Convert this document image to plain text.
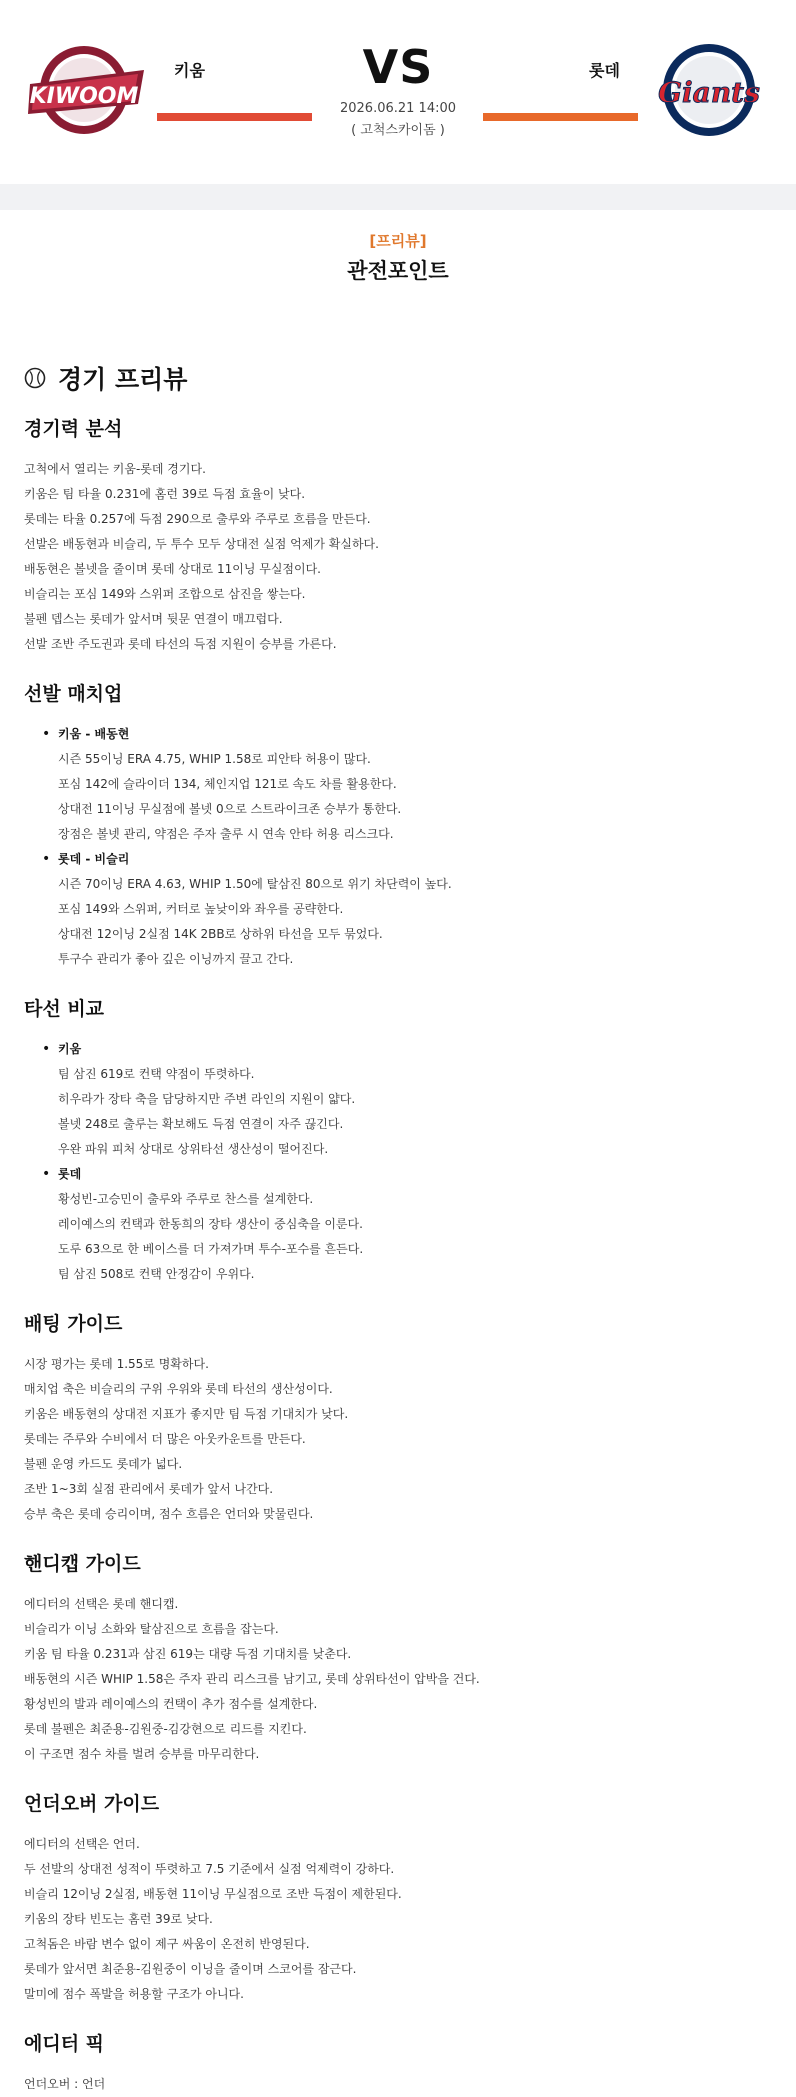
KIWOOM
키움	VS
2026.06.21 14:00
( 고척스카이돔 )
롯데
Giants
[프리뷰]
관전포인트
경기 프리뷰
경기력 분석

고척에서 열리는 키움-롯데 경기다.

키움은 팀 타율 0.231에 홈런 39로 득점 효율이 낮다.

롯데는 타율 0.257에 득점 290으로 출루와 주루로 흐름을 만든다.

선발은 배동현과 비슬리, 두 투수 모두 상대전 실점 억제가 확실하다.

배동현은 볼넷을 줄이며 롯데 상대로 11이닝 무실점이다.

비슬리는 포심 149와 스위퍼 조합으로 삼진을 쌓는다.

불펜 뎁스는 롯데가 앞서며 뒷문 연결이 매끄럽다.

선발 조반 주도권과 롯데 타선의 득점 지원이 승부를 가른다.

선발 매치업
• 키움 - 배동현

시즌 55이닝 ERA 4.75, WHIP 1.58로 피안타 허용이 많다.

포심 142에 슬라이더 134, 체인지업 121로 속도 차를 활용한다.

상대전 11이닝 무실점에 볼넷 0으로 스트라이크존 승부가 통한다.

장점은 볼넷 관리, 약점은 주자 출루 시 연속 안타 허용 리스크다.

• 롯데 - 비슬리

시즌 70이닝 ERA 4.63, WHIP 1.50에 탈삼진 80으로 위기 차단력이 높다.

포심 149와 스위퍼, 커터로 높낮이와 좌우를 공략한다.

상대전 12이닝 2실점 14K 2BB로 상하위 타선을 모두 묶었다.

투구수 관리가 좋아 깊은 이닝까지 끌고 간다.

타선 비교
• 키움

팀 삼진 619로 컨택 약점이 뚜렷하다.

히우라가 장타 축을 담당하지만 주변 라인의 지원이 얇다.

볼넷 248로 출루는 확보해도 득점 연결이 자주 끊긴다.

우완 파워 피처 상대로 상위타선 생산성이 떨어진다.

• 롯데

황성빈-고승민이 출루와 주루로 찬스를 설계한다.

레이예스의 컨택과 한동희의 장타 생산이 중심축을 이룬다.

도루 63으로 한 베이스를 더 가져가며 투수-포수를 흔든다.

팀 삼진 508로 컨택 안정감이 우위다.

배팅 가이드

시장 평가는 롯데 1.55로 명확하다.

매치업 축은 비슬리의 구위 우위와 롯데 타선의 생산성이다.

키움은 배동현의 상대전 지표가 좋지만 팀 득점 기대치가 낮다.

롯데는 주루와 수비에서 더 많은 아웃카운트를 만든다.

불펜 운영 카드도 롯데가 넓다.

조반 1~3회 실점 관리에서 롯데가 앞서 나간다.

승부 축은 롯데 승리이며, 점수 흐름은 언더와 맞물린다.

핸디캡 가이드

에디터의 선택은 롯데 핸디캡.

비슬리가 이닝 소화와 탈삼진으로 흐름을 잡는다.

키움 팀 타율 0.231과 삼진 619는 대량 득점 기대치를 낮춘다.

배동현의 시즌 WHIP 1.58은 주자 관리 리스크를 남기고, 롯데 상위타선이 압박을 건다.

황성빈의 발과 레이예스의 컨택이 추가 점수를 설계한다.

롯데 불펜은 최준용-김원중-김강현으로 리드를 지킨다.

이 구조면 점수 차를 벌려 승부를 마무리한다.

언더오버 가이드

에디터의 선택은 언더.

두 선발의 상대전 성적이 뚜렷하고 7.5 기준에서 실점 억제력이 강하다.

비슬리 12이닝 2실점, 배동현 11이닝 무실점으로 조반 득점이 제한된다.

키움의 장타 빈도는 홈런 39로 낮다.

고척돔은 바람 변수 없이 제구 싸움이 온전히 반영된다.

롯데가 앞서면 최준용-김원중이 이닝을 줄이며 스코어를 잠근다.

말미에 점수 폭발을 허용할 구조가 아니다.

에디터 픽

언더오버 : 언더
